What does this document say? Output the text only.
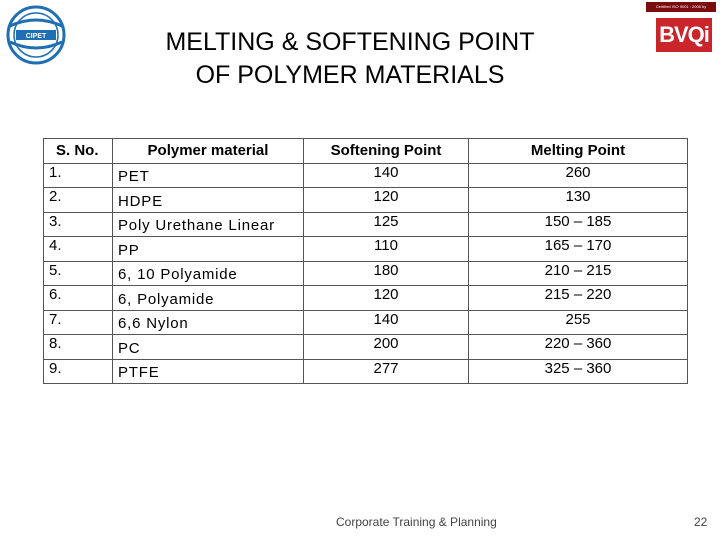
CIPET
Certified ISO 9001 : 2008 by
BVQi
MELTING & SOFTENING POINT
OF POLYMER MATERIALS
S. No.	Polymer material	Softening Point	Melting Point
1.	PET	140	260
2.	HDPE	120	130
3.	Poly Urethane Linear	125	150 – 185
4.	PP	110	165 – 170
5.	6, 10 Polyamide	180	210 – 215
6.	6, Polyamide	120	215 – 220
7.	6,6 Nylon	140	255
8.	PC	200	220 – 360
9.	PTFE	277	325 – 360
Corporate Training & Planning	22
